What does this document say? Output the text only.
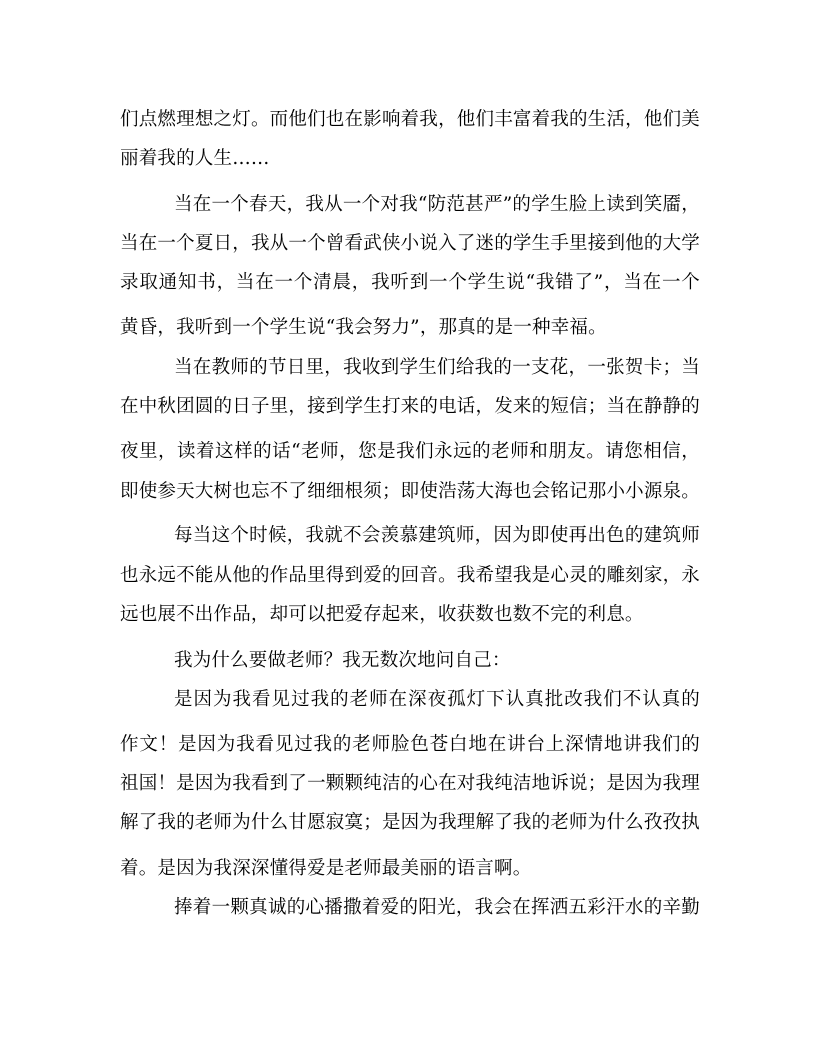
们点燃理想之灯。而他们也在影响着我，他们丰富着我的生活，他们美
丽着我的人生……
当在一个春天，我从一个对我“防范甚严”的学生脸上读到笑靥，
当在一个夏日，我从一个曾看武侠小说入了迷的学生手里接到他的大学
录取通知书，当在一个清晨，我听到一个学生说“我错了”，当在一个
黄昏，我听到一个学生说“我会努力”，那真的是一种幸福。
当在教师的节日里，我收到学生们给我的一支花，一张贺卡；当
在中秋团圆的日子里，接到学生打来的电话，发来的短信；当在静静的
夜里，读着这样的话“老师，您是我们永远的老师和朋友。请您相信，
即使参天大树也忘不了细细根须；即使浩荡大海也会铭记那小小源泉。
每当这个时候，我就不会羡慕建筑师，因为即使再出色的建筑师
也永远不能从他的作品里得到爱的回音。我希望我是心灵的雕刻家，永
远也展不出作品，却可以把爱存起来，收获数也数不完的利息。
我为什么要做老师？我无数次地问自己：
是因为我看见过我的老师在深夜孤灯下认真批改我们不认真的
作文！是因为我看见过我的老师脸色苍白地在讲台上深情地讲我们的
祖国！是因为我看到了一颗颗纯洁的心在对我纯洁地诉说；是因为我理
解了我的老师为什么甘愿寂寞；是因为我理解了我的老师为什么孜孜执
着。是因为我深深懂得爱是老师最美丽的语言啊。
捧着一颗真诚的心播撒着爱的阳光，我会在挥洒五彩汗水的辛勤
